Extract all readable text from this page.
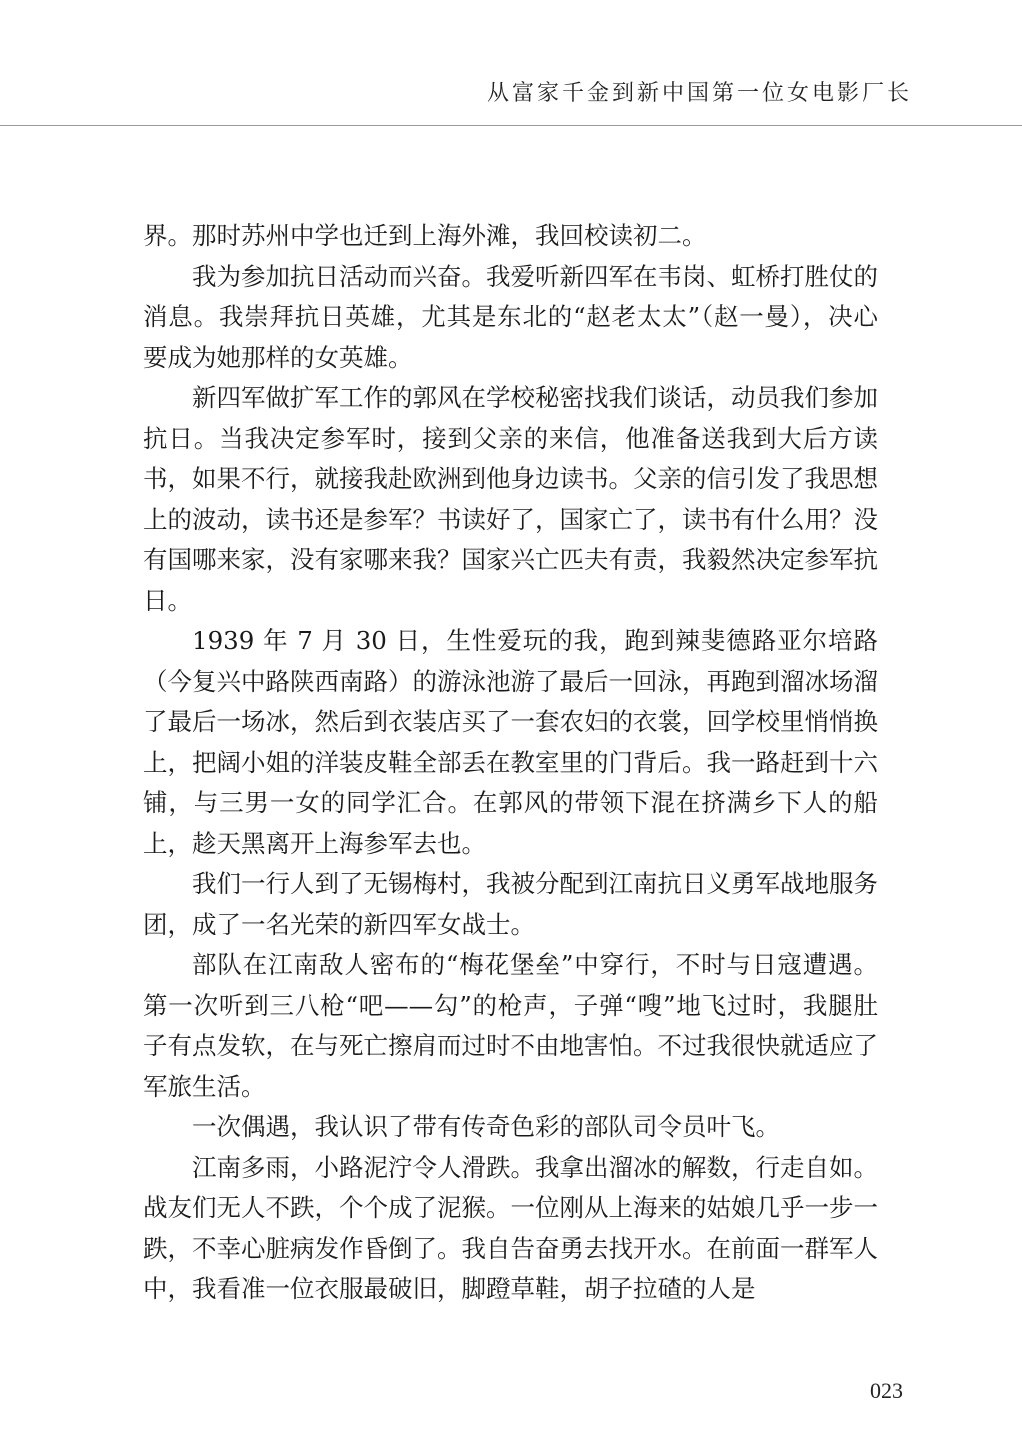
从富家千金到新中国第一位女电影厂长

界。那时苏州中学也迁到上海外滩，我回校读初二。

我为参加抗日活动而兴奋。我爱听新四军在韦岗、虹桥打胜仗的消息。我崇拜抗日英雄，尤其是东北的“赵老太太”（赵一曼），决心要成为她那样的女英雄。

新四军做扩军工作的郭风在学校秘密找我们谈话，动员我们参加抗日。当我决定参军时，接到父亲的来信，他准备送我到大后方读书，如果不行，就接我赴欧洲到他身边读书。父亲的信引发了我思想上的波动，读书还是参军？书读好了，国家亡了，读书有什么用？没有国哪来家，没有家哪来我？国家兴亡匹夫有责，我毅然决定参军抗日。

1939 年 7 月 30 日，生性爱玩的我，跑到辣斐德路亚尔培路（今复兴中路陕西南路）的游泳池游了最后一回泳，再跑到溜冰场溜了最后一场冰，然后到衣装店买了一套农妇的衣裳，回学校里悄悄换上，把阔小姐的洋装皮鞋全部丢在教室里的门背后。我一路赶到十六铺，与三男一女的同学汇合。在郭风的带领下混在挤满乡下人的船上，趁天黑离开上海参军去也。

我们一行人到了无锡梅村，我被分配到江南抗日义勇军战地服务团，成了一名光荣的新四军女战士。

部队在江南敌人密布的“梅花堡垒”中穿行，不时与日寇遭遇。第一次听到三八枪“吧——勾”的枪声，子弹“嗖”地飞过时，我腿肚子有点发软，在与死亡擦肩而过时不由地害怕。不过我很快就适应了军旅生活。

一次偶遇，我认识了带有传奇色彩的部队司令员叶飞。

江南多雨，小路泥泞令人滑跌。我拿出溜冰的解数，行走自如。战友们无人不跌，个个成了泥猴。一位刚从上海来的姑娘几乎一步一跌，不幸心脏病发作昏倒了。我自告奋勇去找开水。在前面一群军人中，我看准一位衣服最破旧，脚蹬草鞋，胡子拉碴的人是

023
